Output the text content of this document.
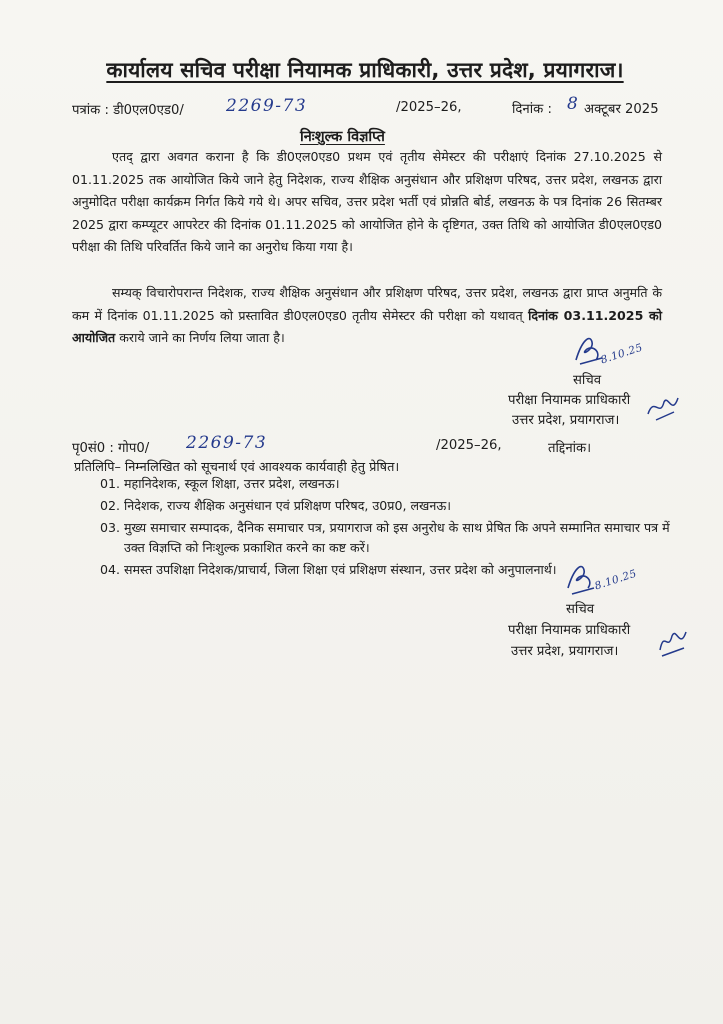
कार्यालय सचिव परीक्षा नियामक प्राधिकारी, उत्तर प्रदेश, प्रयागराज।
पत्रांक : डी0एल0एड0/ 2269-73	/2025–26,	दिनांक : 8 अक्टूबर 2025
निःशुल्क विज्ञप्ति

एतद् द्वारा अवगत कराना है कि डी0एल0एड0 प्रथम एवं तृतीय सेमेस्टर की परीक्षाएं दिनांक 27.10.2025 से 01.11.2025 तक आयोजित किये जाने हेतु निदेशक, राज्य शैक्षिक अनुसंधान और प्रशिक्षण परिषद, उत्तर प्रदेश, लखनऊ द्वारा अनुमोदित परीक्षा कार्यक्रम निर्गत किये गये थे। अपर सचिव, उत्तर प्रदेश भर्ती एवं प्रोन्नति बोर्ड, लखनऊ के पत्र दिनांक 26 सितम्बर 2025 द्वारा कम्प्यूटर आपरेटर की दिनांक 01.11.2025 को आयोजित होने के दृष्टिगत, उक्त तिथि को आयोजित डी0एल0एड0 परीक्षा की तिथि परिवर्तित किये जाने का अनुरोध किया गया है।

सम्यक् विचारोपरान्त निदेशक, राज्य शैक्षिक अनुसंधान और प्रशिक्षण परिषद, उत्तर प्रदेश, लखनऊ द्वारा प्राप्त अनुमति के कम में दिनांक 01.11.2025 को प्रस्तावित डी0एल0एड0 तृतीय सेमेस्टर की परीक्षा को यथावत् दिनांक 03.11.2025 को आयोजित कराये जाने का निर्णय लिया जाता है।

8.10.25
सचिव
परीक्षा नियामक प्राधिकारी
उत्तर प्रदेश, प्रयागराज।
पृ0सं0 : गोप0/ 2269-73	/2025–26,	तद्दिनांक।
प्रतिलिपि– निम्नलिखित को सूचनार्थ एवं आवश्यक कार्यवाही हेतु प्रेषित।
01. महानिदेशक, स्कूल शिक्षा, उत्तर प्रदेश, लखनऊ।
02. निदेशक, राज्य शैक्षिक अनुसंधान एवं प्रशिक्षण परिषद, उ0प्र0, लखनऊ।
03. मुख्य समाचार सम्पादक, दैनिक समाचार पत्र, प्रयागराज को इस अनुरोध के साथ प्रेषित कि अपने सम्मानित समाचार पत्र में उक्त विज्ञप्ति को निःशुल्क प्रकाशित करने का कष्ट करें।
04. समस्त उपशिक्षा निदेशक/प्राचार्य, जिला शिक्षा एवं प्रशिक्षण संस्थान, उत्तर प्रदेश को अनुपालनार्थ।	8.10.25
सचिव
परीक्षा नियामक प्राधिकारी
उत्तर प्रदेश, प्रयागराज।
